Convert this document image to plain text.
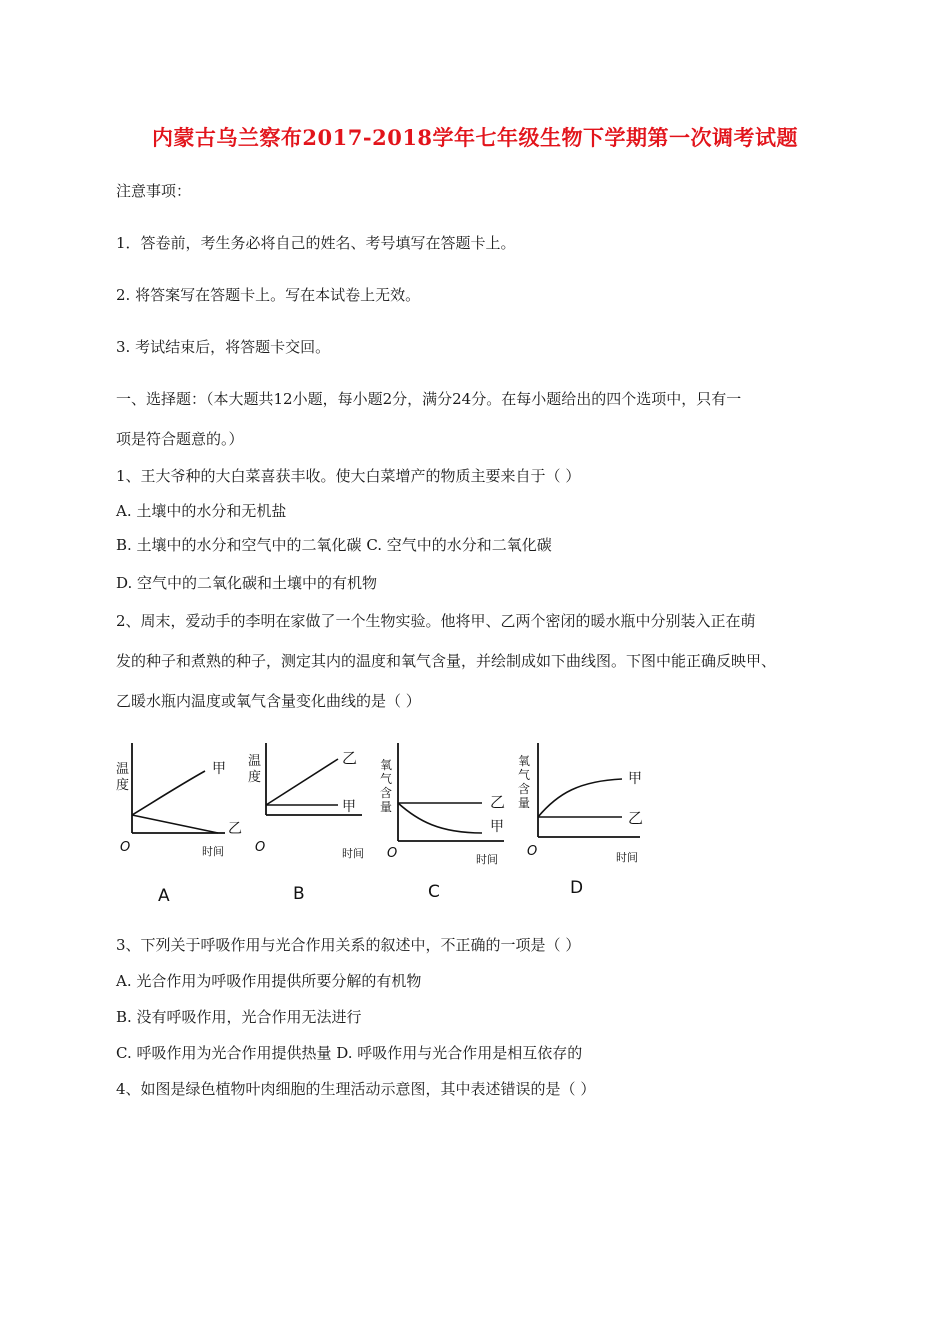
内蒙古乌兰察布2017-2018学年七年级生物下学期第一次调考试题
注意事项：
1．答卷前，考生务必将自己的姓名、考号填写在答题卡上。
2. 将答案写在答题卡上。写在本试卷上无效。
3. 考试结束后，将答题卡交回。
一、选择题：（本大题共12小题，每小题2分，满分24分。在每小题给出的四个选项中，只有一
项是符合题意的。）
1、王大爷种的大白菜喜获丰收。使大白菜增产的物质主要来自于（ ）
A. 土壤中的水分和无机盐
B. 土壤中的水分和空气中的二氧化碳 C. 空气中的水分和二氧化碳
D. 空气中的二氧化碳和土壤中的有机物
2、周末，爱动手的李明在家做了一个生物实验。他将甲、乙两个密闭的暖水瓶中分别装入正在萌
发的种子和煮熟的种子，测定其内的温度和氧气含量，并绘制成如下曲线图。下图中能正确反映甲、
乙暖水瓶内温度或氧气含量变化曲线的是（ ）
温
度
甲
乙
O	时间
A
温
度
乙
甲
O	时间
B
氧
气
含
量	乙
甲
O	时间
C
氧
气
含
量
甲
乙
O	时间
D
3、下列关于呼吸作用与光合作用关系的叙述中，不正确的一项是（ ）
A. 光合作用为呼吸作用提供所要分解的有机物
B. 没有呼吸作用，光合作用无法进行
C. 呼吸作用为光合作用提供热量 D. 呼吸作用与光合作用是相互依存的
4、如图是绿色植物叶肉细胞的生理活动示意图，其中表述错误的是（ ）
